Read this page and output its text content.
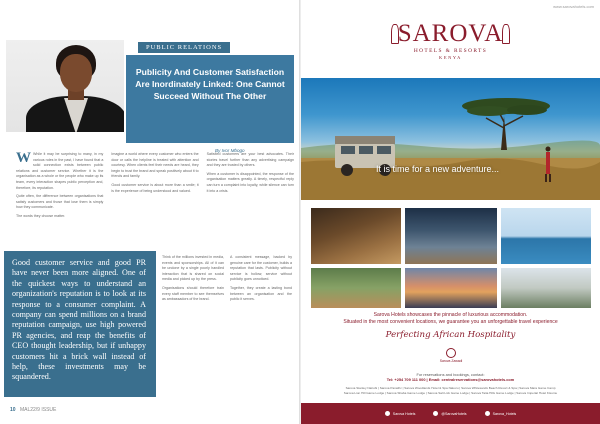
PUBLIC RELATIONS
Publicity And Customer Satisfaction Are Inordinately Linked: One Cannot Succeed Without The Other
By Ivor Mbogo
W While it may be surprising to many, in my various roles in the past, I have found that a solid connection exists between public relations and customer service. Whether it is the organisation as a whole or the people who make up its team, every interaction shapes public perception and, therefore, its reputation.

Quite often, the difference between organisations that satisfy customers and those that lose them is simply how they communicate.

The words they choose matter.

Imagine a world where every customer who enters the door or calls the helpline is treated with attention and courtesy. When clients feel their needs are heard, they begin to trust the brand and speak positively about it to friends and family.

Good customer service is about more than a smile; it is the experience of being understood and valued.

Satisfied customers are your best advocates. Their stories travel further than any advertising campaign and they are trusted by others.

When a customer is disappointed, the response of the organisation matters greatly. A timely, respectful reply can turn a complaint into loyalty, while silence can turn it into a crisis.

Good customer service and good PR have never been more aligned. One of the quickest ways to understand an organization's reputation is to look at its response to a consumer complaint. A company can spend millions on a brand reputation campaign, use high powered PR agencies, and reap the benefits of CEO thought leadership, but if unhappy customers hit a brick wall instead of help, these investments may be squandered.

Think of the millions invested in media, events and sponsorships. All of it can be undone by a single poorly handled interaction that is shared on social media and picked up by the press.

Organisations should therefore train every staff member to see themselves as ambassadors of the brand.

A consistent message, backed by genuine care for the customer, builds a reputation that lasts. Publicity without service is hollow; service without publicity goes unnoticed.

Together, they create a lasting bond between an organisation and the public it serves.

10 MAL22/9 ISSUE
www.sarovahotels.com
SAROVA
HOTELS & RESORTS
KENYA
It is time for a new adventure...
Sarova Hotels showcases the pinnacle of luxurious accommodation.
Situated in the most convenient locations, we guarantee you an unforgettable travel experience
Perfecting African Hospitality
Sarova Zawadi
For reservations and bookings, contact:
Tel: +254 709 111 000 | Email: centralreservations@sarovahotels.com
Sarova Stanley Nairobi | Sarova Panafric | Sarova Woodlands Hotel & Spa Nakuru | Sarova Whitesands Beach Resort & Spa | Sarova Mara Game Camp
Sarova Lion Hill Game Lodge | Sarova Shaba Game Lodge | Sarova Salt Lick Game Lodge | Sarova Taita Hills Game Lodge | Sarova Imperial Hotel Kisumu
Sarova Hotels	@SarovaHotels	Sarova_Hotels
